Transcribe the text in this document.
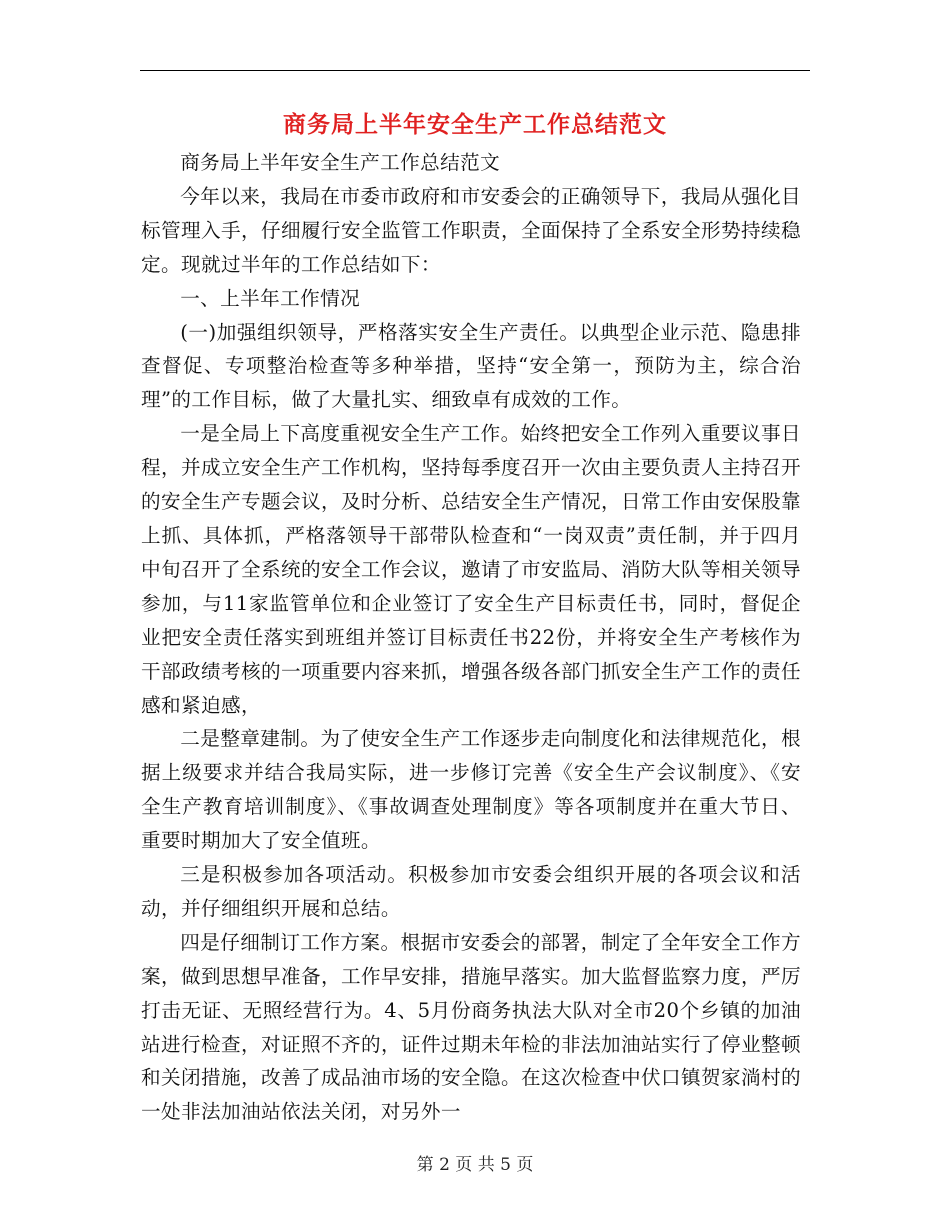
商务局上半年安全生产工作总结范文

商务局上半年安全生产工作总结范文

今年以来，我局在市委市政府和市安委会的正确领导下，我局从强化目标管理入手，仔细履行安全监管工作职责，全面保持了全系安全形势持续稳定。现就过半年的工作总结如下：

一、上半年工作情况

(一)加强组织领导，严格落实安全生产责任。以典型企业示范、隐患排查督促、专项整治检查等多种举措，坚持“安全第一，预防为主，综合治理”的工作目标，做了大量扎实、细致卓有成效的工作。

一是全局上下高度重视安全生产工作。始终把安全工作列入重要议事日程，并成立安全生产工作机构，坚持每季度召开一次由主要负责人主持召开的安全生产专题会议，及时分析、总结安全生产情况，日常工作由安保股靠上抓、具体抓，严格落领导干部带队检查和“一岗双责”责任制，并于四月中旬召开了全系统的安全工作会议，邀请了市安监局、消防大队等相关领导参加，与11家监管单位和企业签订了安全生产目标责任书，同时，督促企业把安全责任落实到班组并签订目标责任书22份，并将安全生产考核作为干部政绩考核的一项重要内容来抓，增强各级各部门抓安全生产工作的责任感和紧迫感，

二是整章建制。为了使安全生产工作逐步走向制度化和法律规范化，根据上级要求并结合我局实际，进一步修订完善《安全生产会议制度》、《安全生产教育培训制度》、《事故调查处理制度》等各项制度并在重大节日、重要时期加大了安全值班。

三是积极参加各项活动。积极参加市安委会组织开展的各项会议和活动，并仔细组织开展和总结。

四是仔细制订工作方案。根据市安委会的部署，制定了全年安全工作方案，做到思想早准备，工作早安排，措施早落实。加大监督监察力度，严厉打击无证、无照经营行为。4、5月份商务执法大队对全市20个乡镇的加油站进行检查，对证照不齐的，证件过期未年检的非法加油站实行了停业整顿和关闭措施，改善了成品油市场的安全隐。在这次检查中伏口镇贺家淌村的一处非法加油站依法关闭，对另外一

第 2 页 共 5 页
